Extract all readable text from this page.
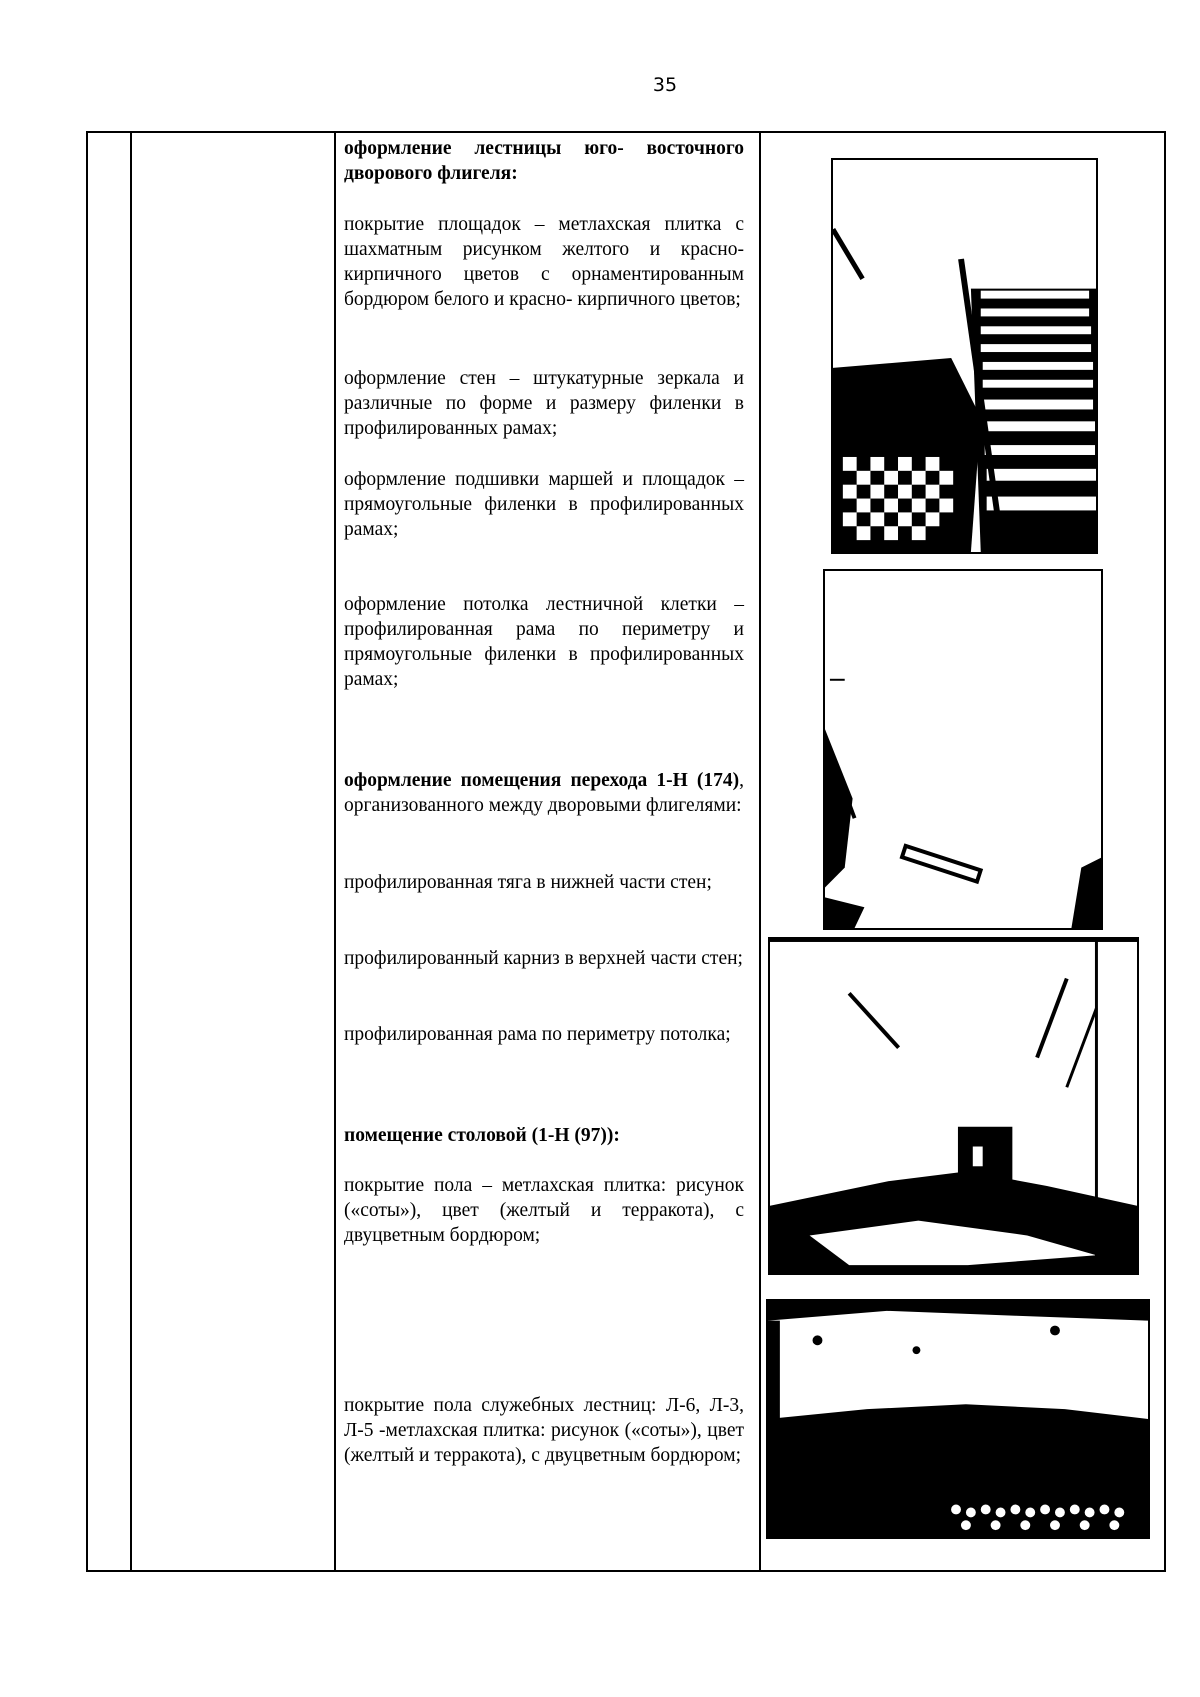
35

оформление лестницы юго- восточного дворового флигеля:

покрытие площадок – метлахская плитка с шахматным рисунком желтого и красно-кирпичного цветов с орнаментированным бордюром белого и красно- кирпичного цветов;

оформление стен – штукатурные зеркала и различные по форме и размеру филенки в профилированных рамах;

оформление подшивки маршей и площадок – прямоугольные филенки в профилированных рамах;

оформление потолка лестничной клетки – профилированная рама по периметру и прямоугольные филенки в профилированных рамах;

оформление помещения перехода 1-Н (174), организованного между дворовыми флигелями:

профилированная тяга в нижней части стен;

профилированный карниз в верхней части стен;

профилированная рама по периметру потолка;

помещение столовой (1-Н (97)):

покрытие пола – метлахская плитка: рисунок («соты»), цвет (желтый и терракота), с двуцветным бордюром;

покрытие пола служебных лестниц: Л-6, Л-3, Л-5 -метлахская плитка: рисунок («соты»), цвет (желтый и терракота), с двуцветным бордюром;
